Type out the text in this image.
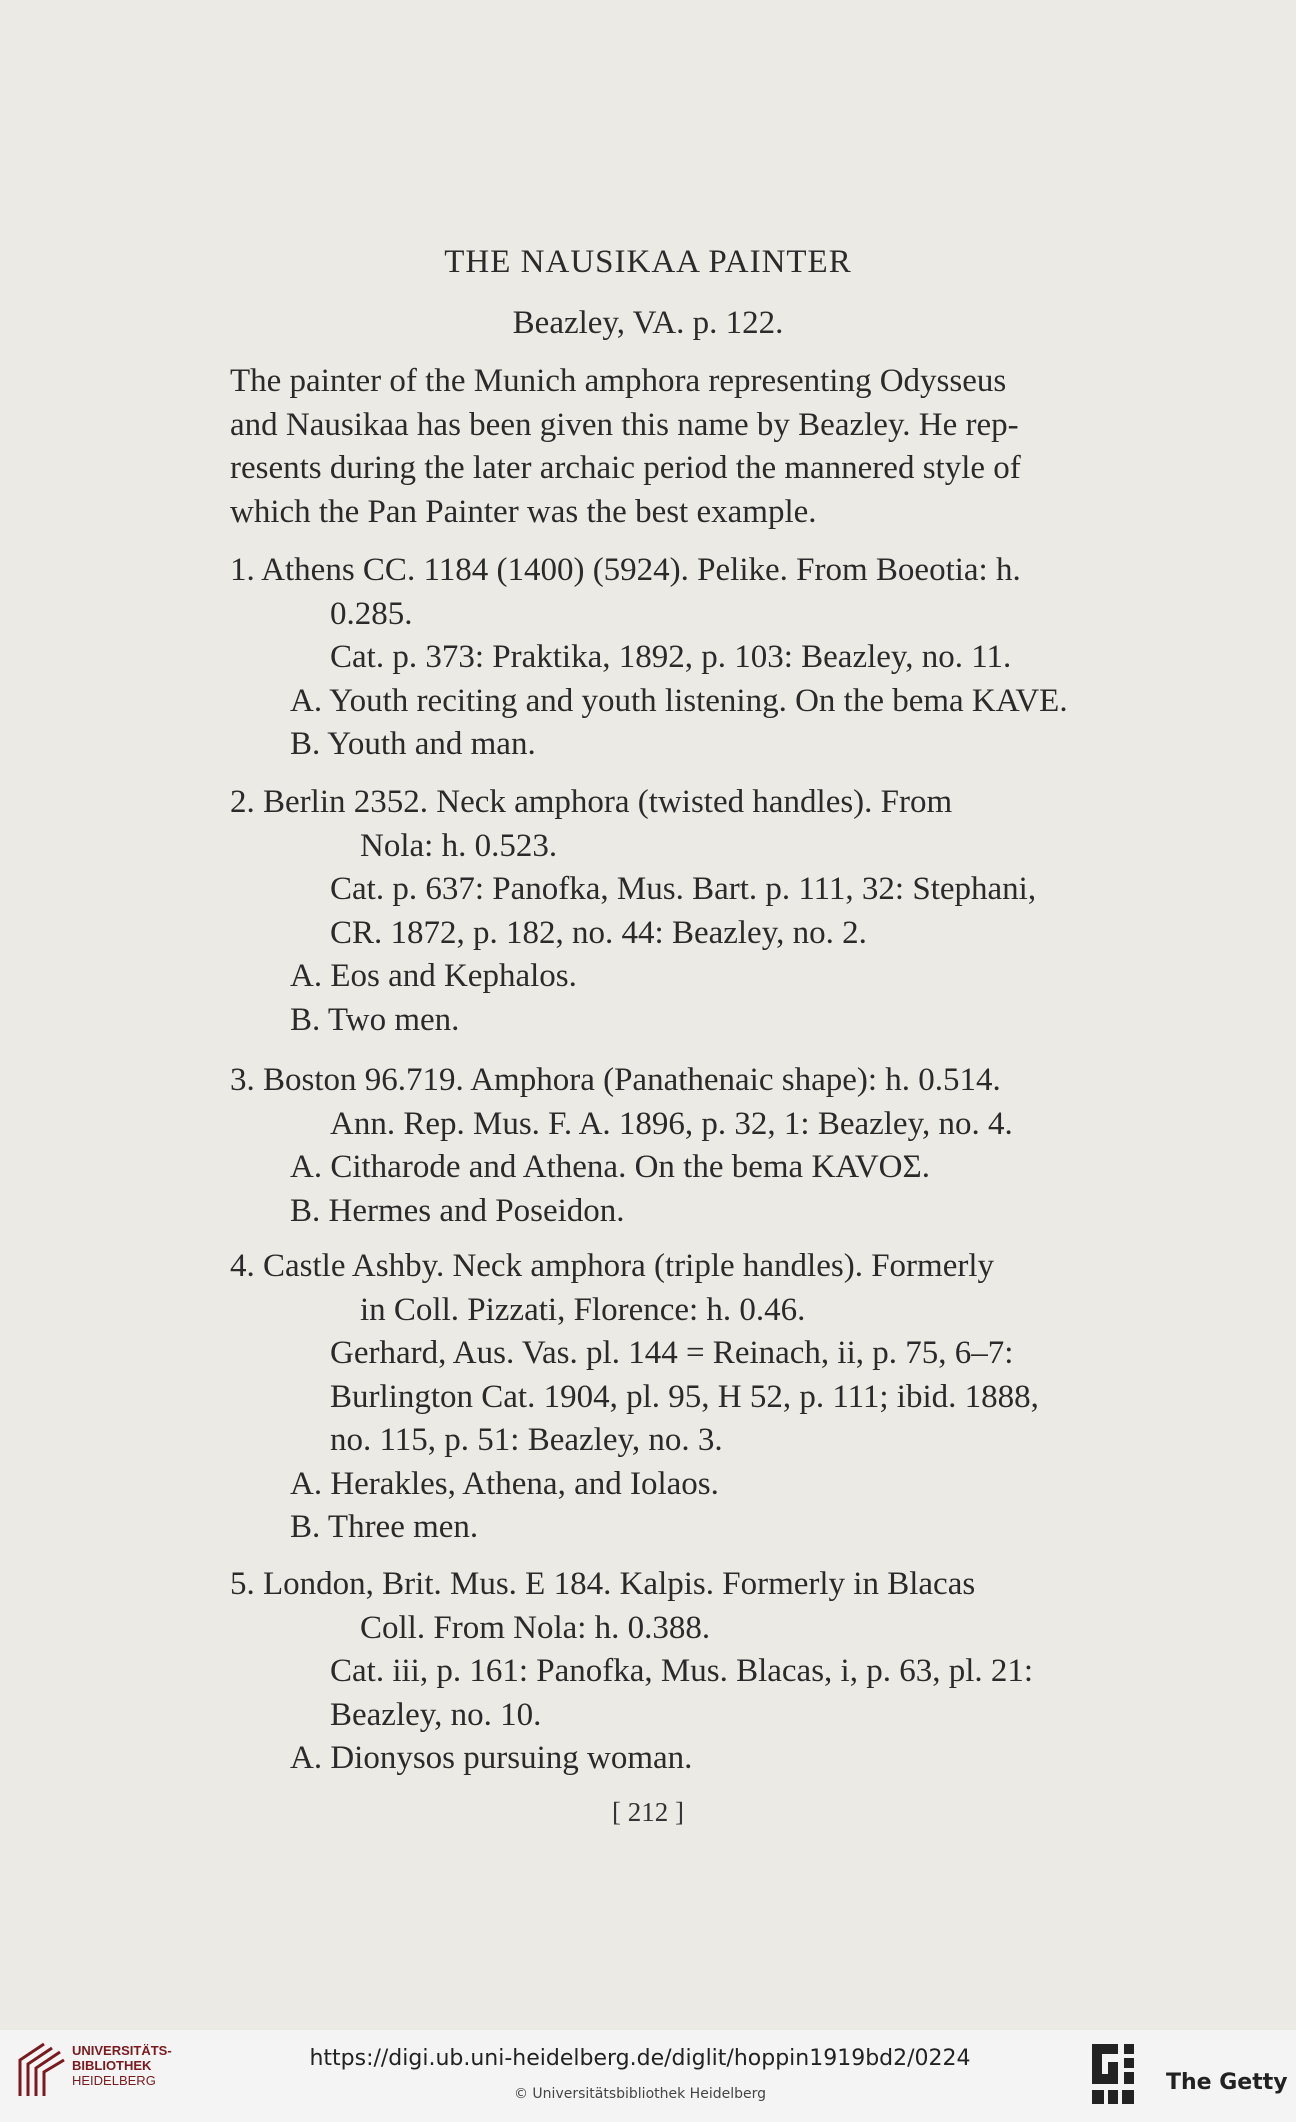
THE NAUSIKAA PAINTER
Beazley, VA. p. 122.
The painter of the Munich amphora representing Odysseus
and Nausikaa has been given this name by Beazley. He rep-
resents during the later archaic period the mannered style of
which the Pan Painter was the best example.
1. Athens CC. 1184 (1400) (5924). Pelike. From Boeotia: h.
0.285.
Cat. p. 373: Praktika, 1892, p. 103: Beazley, no. 11.
A. Youth reciting and youth listening. On the bema KAVE.
B. Youth and man.
2. Berlin 2352. Neck amphora (twisted handles). From
Nola: h. 0.523.
Cat. p. 637: Panofka, Mus. Bart. p. 111, 32: Stephani,
CR. 1872, p. 182, no. 44: Beazley, no. 2.
A. Eos and Kephalos.
B. Two men.
3. Boston 96.719. Amphora (Panathenaic shape): h. 0.514.
Ann. Rep. Mus. F. A. 1896, p. 32, 1: Beazley, no. 4.
A. Citharode and Athena. On the bema KAVOΣ.
B. Hermes and Poseidon.
4. Castle Ashby. Neck amphora (triple handles). Formerly
in Coll. Pizzati, Florence: h. 0.46.
Gerhard, Aus. Vas. pl. 144 = Reinach, ii, p. 75, 6–7:
Burlington Cat. 1904, pl. 95, H 52, p. 111; ibid. 1888,
no. 115, p. 51: Beazley, no. 3.
A. Herakles, Athena, and Iolaos.
B. Three men.
5. London, Brit. Mus. E 184. Kalpis. Formerly in Blacas
Coll. From Nola: h. 0.388.
Cat. iii, p. 161: Panofka, Mus. Blacas, i, p. 63, pl. 21:
Beazley, no. 10.
A. Dionysos pursuing woman.
[ 212 ]
UNIVERSITÄTS-
BIBLIOTHEK
HEIDELBERG
https://digi.ub.uni-heidelberg.de/diglit/hoppin1919bd2/0224
© Universitätsbibliothek Heidelberg	The Getty
